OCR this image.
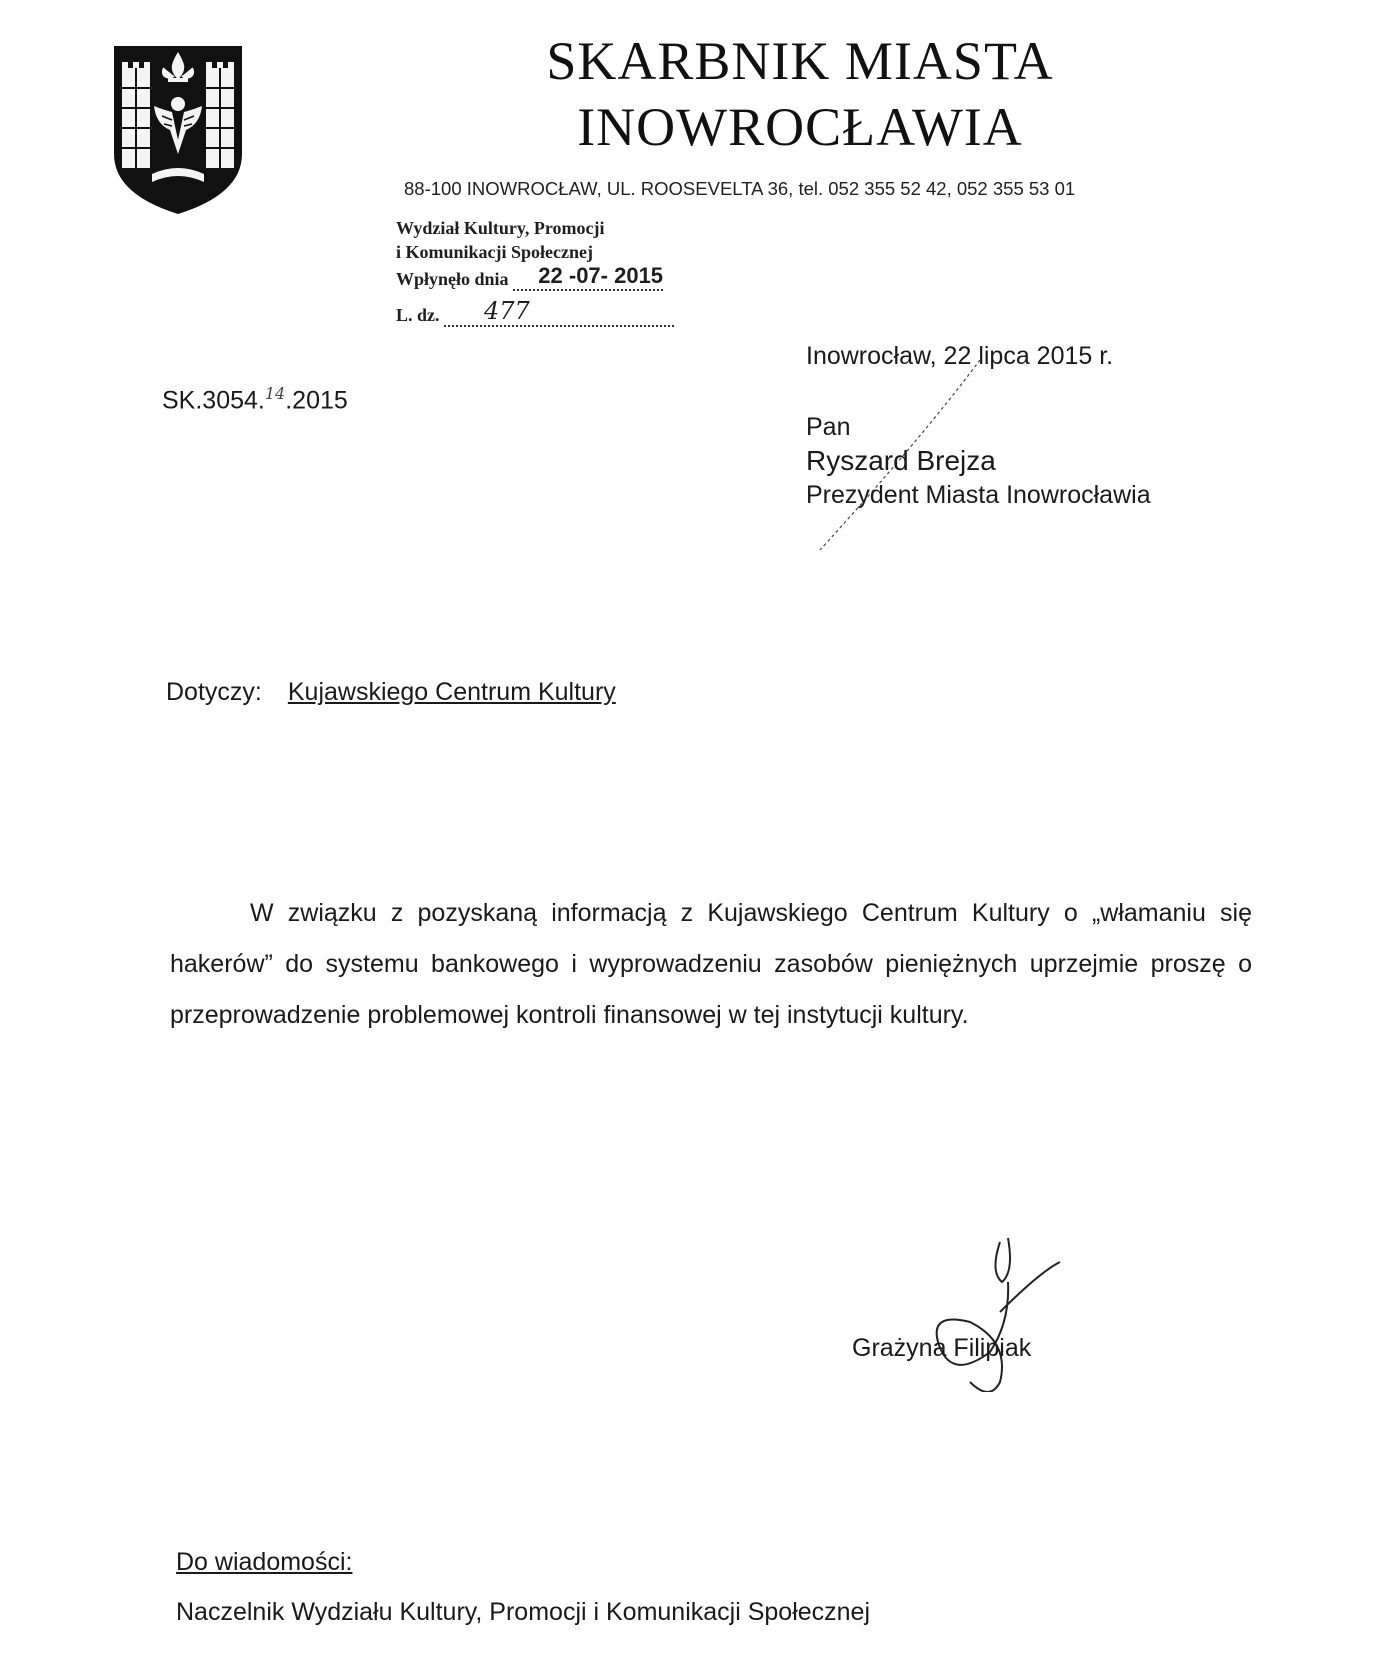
SKARBNIK MIASTA
INOWROCŁAWIA
88-100 INOWROCŁAW, UL. ROOSEVELTA 36, tel. 052 355 52 42, 052 355 53 01
Wydział Kultury, Promocji
i Komunikacji Społecznej
Wpłynęło dnia 22 -07- 2015
L. dz. 477
SK.3054.14.2015
Inowrocław, 22 lipca 2015 r.
Pan
Ryszard Brejza
Prezydent Miasta Inowrocławia
Dotyczy: Kujawskiego Centrum Kultury
W związku z pozyskaną informacją z Kujawskiego Centrum Kultury o „włamaniu się hakerów” do systemu bankowego i wyprowadzeniu zasobów pieniężnych uprzejmie proszę o przeprowadzenie problemowej kontroli finansowej w tej instytucji kultury.
Grażyna Filipiak
Do wiadomości:
Naczelnik Wydziału Kultury, Promocji i Komunikacji Społecznej
